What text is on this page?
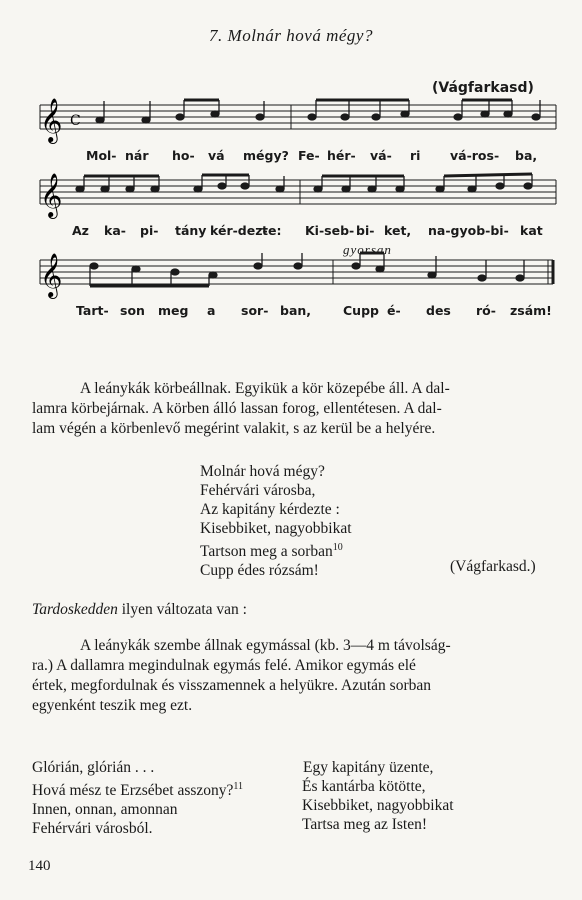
7. Molnár hová mégy?
(Vágfarkasd)
𝄞 C
Mol- nár ho- vá mégy? Fe- hér- vá- ri vá-ros- ba,
𝄞
Az ka- pi- tány kér-dez-
te: Ki-seb- bi- ket, na-gyob-bi- kat
gyorsan
𝄞
Tart- son meg a sor- ban,	Cupp é- des ró- zsám!
A leánykák körbeállnak. Egyikük a kör közepébe áll. A dal-
lamra körbejárnak. A körben álló lassan forog, ellentétesen. A dal-
lam végén a körbenlevő megérint valakit, s az kerül be a helyére.
Molnár hová mégy?
Fehérvári városba,
Az kapitány kérdezte :
Kisebbiket, nagyobbikat
Tartson meg a sorban$^{10}$
Cupp édes rózsám!	(Vágfarkasd.)
Tardoskedden ilyen változata van :
A leánykák szembe állnak egymással (kb. 3—4 m távolság-
ra.) A dallamra megindulnak egymás felé. Amikor egymás elé
értek, megfordulnak és visszamennek a helyükre. Azután sorban
egyenként teszik meg ezt.
Glórián, glórián . . .
Hová mész te Erzsébet asszony?$^{11}$
Innen, onnan, amonnan
Fehérvári városból.
Egy kapitány üzente,
És kantárba kötötte,
Kisebbiket, nagyobbikat
Tartsa meg az Isten!
140
